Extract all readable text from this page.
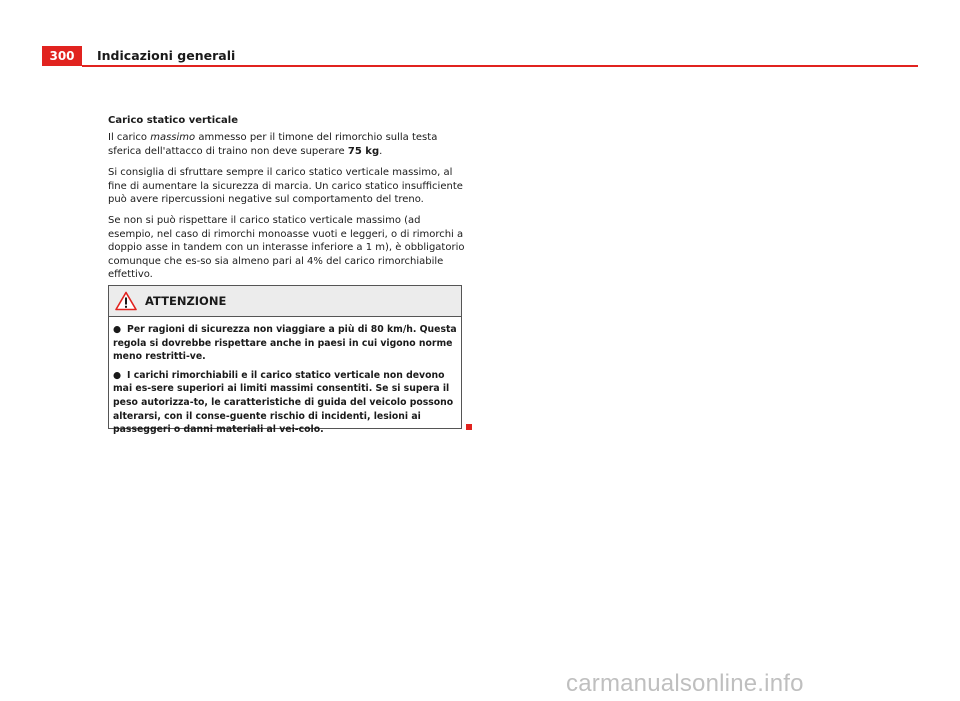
300	Indicazioni generali
Carico statico verticale

Il carico massimo ammesso per il timone del rimorchio sulla testa sferica dell'attacco di traino non deve superare 75 kg.

Si consiglia di sfruttare sempre il carico statico verticale massimo, al fine di aumentare la sicurezza di marcia. Un carico statico insufficiente può avere ripercussioni negative sul comportamento del treno.

Se non si può rispettare il carico statico verticale massimo (ad esempio, nel caso di rimorchi monoasse vuoti e leggeri, o di rimorchi a doppio asse in tandem con un interasse inferiore a 1 m), è obbligatorio comunque che es-so sia almeno pari al 4% del carico rimorchiabile effettivo.

ATTENZIONE

● Per ragioni di sicurezza non viaggiare a più di 80 km/h. Questa regola si dovrebbe rispettare anche in paesi in cui vigono norme meno restritti-ve.

● I carichi rimorchiabili e il carico statico verticale non devono mai es-sere superiori ai limiti massimi consentiti. Se si supera il peso autorizza-to, le caratteristiche di guida del veicolo possono alterarsi, con il conse-guente rischio di incidenti, lesioni ai passeggeri o danni materiali al vei-colo.

carmanualsonline.info
